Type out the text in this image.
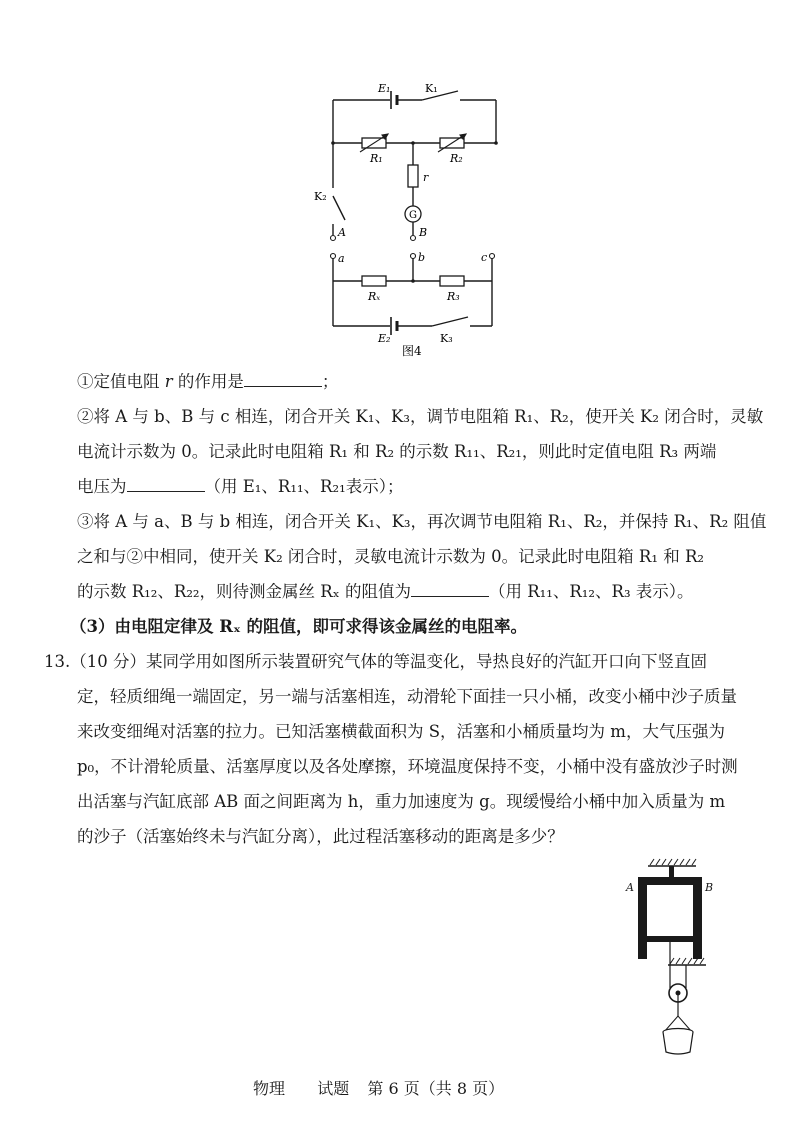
E₁	K₁
R₁	R₂
r
G
K₂
A	B
a	b	c
Rₓ	R₃
E₂	K₃
图4
①定值电阻 r 的作用是	；
②将 A 与 b、B 与 c 相连，闭合开关 K₁、K₃，调节电阻箱 R₁、R₂，使开关 K₂ 闭合时，灵敏
电流计示数为 0。记录此时电阻箱 R₁ 和 R₂ 的示数 R₁₁、R₂₁，则此时定值电阻 R₃ 两端
电压为	（用 E₁、R₁₁、R₂₁表示）；
③将 A 与 a、B 与 b 相连，闭合开关 K₁、K₃，再次调节电阻箱 R₁、R₂，并保持 R₁、R₂ 阻值
之和与②中相同，使开关 K₂ 闭合时，灵敏电流计示数为 0。记录此时电阻箱 R₁ 和 R₂
的示数 R₁₂、R₂₂，则待测金属丝 Rₓ 的阻值为	（用 R₁₁、R₁₂、R₃ 表示）。
（3）由电阻定律及 Rₓ 的阻值，即可求得该金属丝的电阻率。
13.（10 分）某同学用如图所示装置研究气体的等温变化，导热良好的汽缸开口向下竖直固
定，轻质细绳一端固定，另一端与活塞相连，动滑轮下面挂一只小桶，改变小桶中沙子质量
来改变细绳对活塞的拉力。已知活塞横截面积为 S，活塞和小桶质量均为 m，大气压强为
p₀，不计滑轮质量、活塞厚度以及各处摩擦，环境温度保持不变，小桶中没有盛放沙子时测
出活塞与汽缸底部 AB 面之间距离为 h，重力加速度为 g。现缓慢给小桶中加入质量为 m
的沙子（活塞始终未与汽缸分离），此过程活塞移动的距离是多少？
A	B
物理 试题 第 6 页（共 8 页）
